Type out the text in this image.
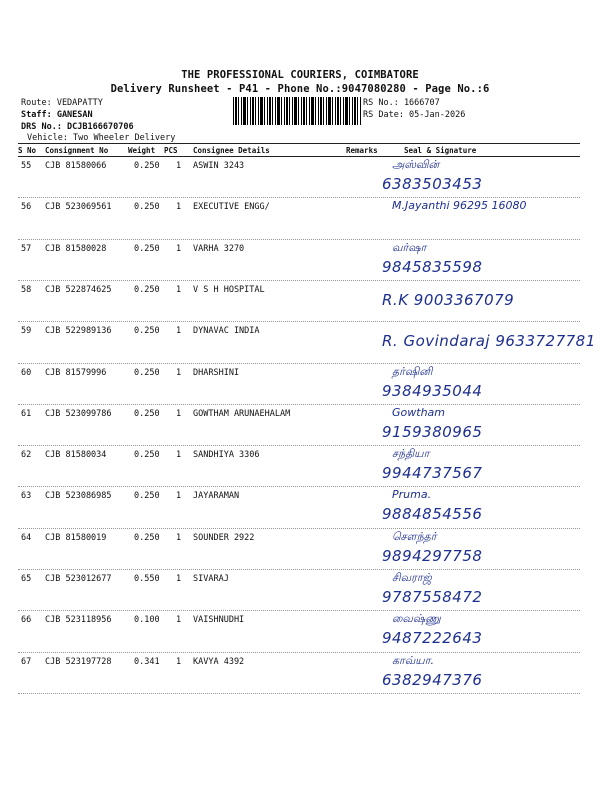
THE PROFESSIONAL COURIERS, COIMBATORE
Delivery Runsheet - P41 - Phone No.:9047080280 - Page No.:6
Route: VEDAPATTY
Staff: GANESAN
DRS No.: DCJB166670706
Vehicle: Two Wheeler Delivery
RS No.: 1666707
RS Date: 05-Jan-2026
S No Consignment No	Weight PCS Consignee Details	Remarks	Seal & Signature
55 CJB 81580066	0.250 1 ASWIN 3243	அஸ்வின்
6383503453
56 CJB 523069561	0.250 1 EXECUTIVE ENGG/	M.Jayanthi 96295 16080
57 CJB 81580028	0.250 1 VARHA 3270	வர்ஷா
9845835598
58 CJB 522874625	0.250 1 V S H HOSPITAL
R.K 9003367079
59 CJB 522989136	0.250 1 DYNAVAC INDIA
R. Govindaraj 9633727781
60 CJB 81579996	0.250 1 DHARSHINI	தர்ஷினி
9384935044
61 CJB 523099786	0.250 1 GOWTHAM ARUNAEHALAM	Gowtham
9159380965
62 CJB 81580034	0.250 1 SANDHIYA 3306	சந்தியா
9944737567
63 CJB 523086985	0.250 1 JAYARAMAN	Pruma.
9884854556
64 CJB 81580019	0.250 1 SOUNDER 2922	சௌந்தர்
9894297758
65 CJB 523012677	0.550 1 SIVARAJ	சிவராஜ்
9787558472
66 CJB 523118956	0.100 1 VAISHNUDHI	வைஷ்ணு
9487222643
67 CJB 523197728	0.341 1 KAVYA 4392	காவ்யா.
6382947376
